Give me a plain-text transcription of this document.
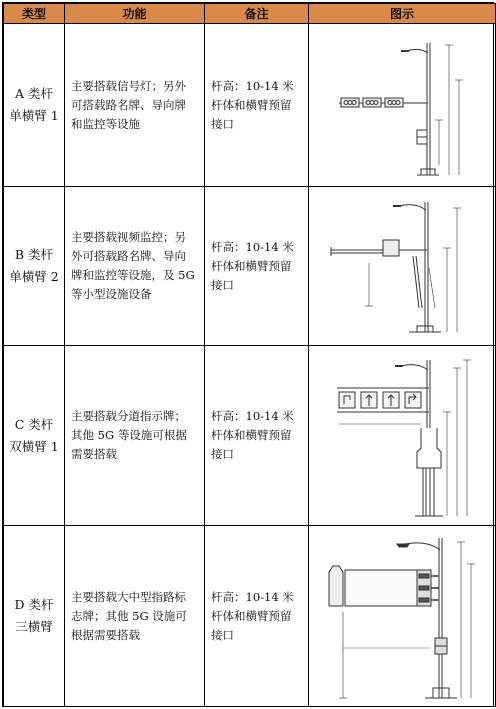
类型	功能	备注	图示

A 类杆
单横臂 1	主要搭载信号灯；另外
可搭载路名牌、导向牌
和监控等设施	杆高：10-14 米
杆体和横臂预留
接口

B 类杆
单横臂 2	主要搭载视频监控；另
外可搭载路名牌、导向
牌和监控等设施，及 5G
等小型设施设备	杆高：10-14 米
杆体和横臂预留
接口

C 类杆
双横臂 1	主要搭载分道指示牌；
其他 5G 等设施可根据
需要搭载	杆高：10-14 米
杆体和横臂预留
接口

D 类杆
三横臂	主要搭载大中型指路标
志牌；其他 5G 设施可
根据需要搭载	杆高：10-14 米
杆体和横臂预留
接口
